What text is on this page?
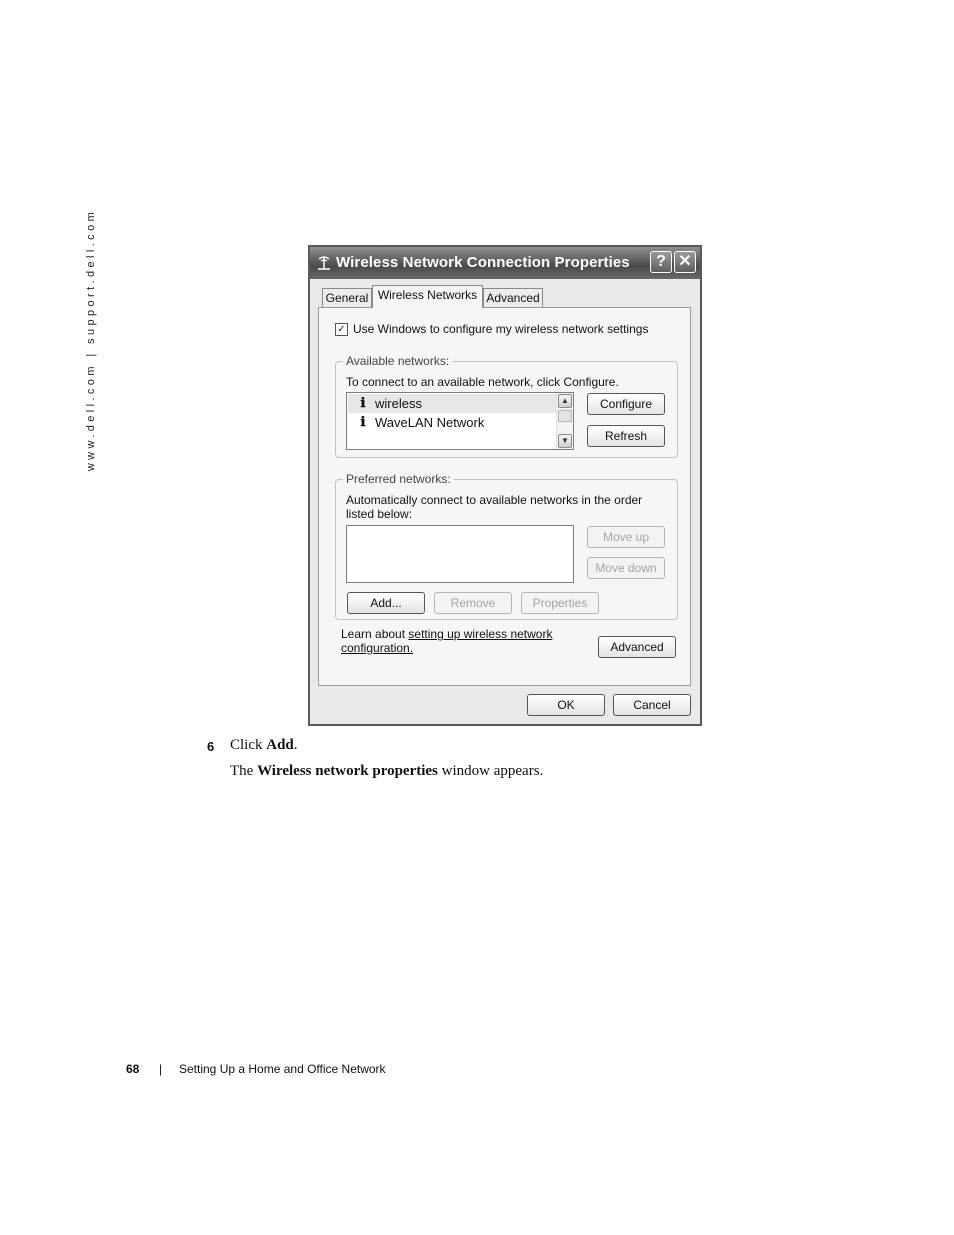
www.dell.com | support.dell.com	Wireless Network Connection Properties	? ✕
General Wireless Networks Advanced
✓ Use Windows to configure my wireless network settings
Available networks:
To connect to an available network, click Configure.
ℹ wireless
ℹ WaveLAN Network
▲
▼
Configure
Refresh
Preferred networks:
Automatically connect to available networks in the order listed below:
Move up
Move down
Add...	Remove	Properties
Learn about setting up wireless network configuration.	Advanced
OK	Cancel
6 Click Add.
The Wireless network properties window appears.
68 | Setting Up a Home and Office Network
